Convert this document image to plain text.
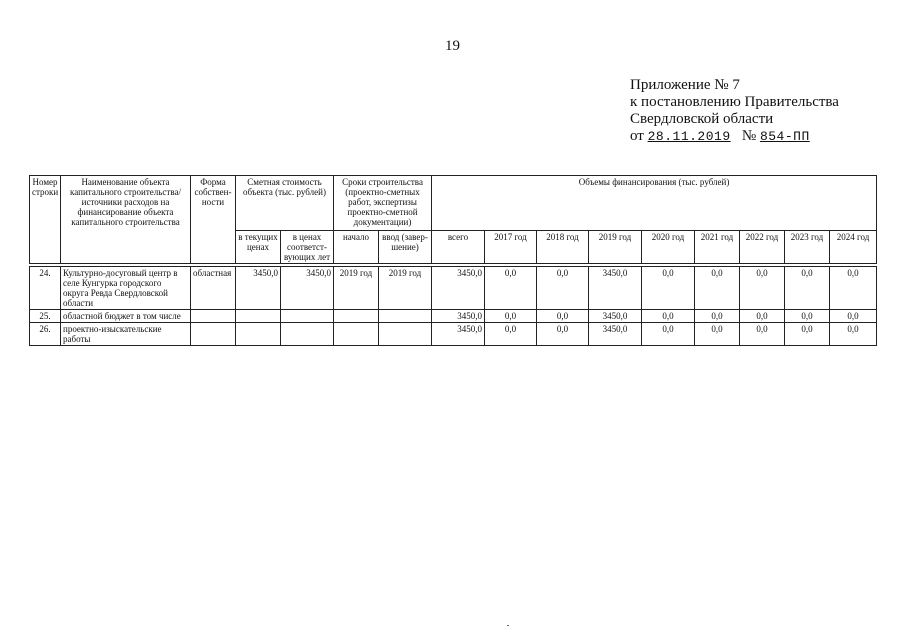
19
Приложение № 7
к постановлению Правительства
Свердловской области
от 28.11.2019 № 854-ПП
Номер строки	Наименование объекта капитального строительства/ источники расходов на финансирование объекта капитального строительства	Форма собствен-ности	Сметная стоимость объекта (тыс. рублей)		Сроки строительства (проектно-сметных работ, экспертизы проектно-сметной документации)		Объемы финансирования (тыс. рублей)								
			в текущих ценах	в ценах соответст-вующих лет	начало	ввод (завер-шение)	всего	2017 год	2018 год	2019 год	2020 год	2021 год	2022 год	2023 год	2024 год

24.	Культурно-досуговый центр в селе Кунгурка городского округа Ревда Свердловской области	областная	3450,0	3450,0	2019 год	2019 год	3450,0	0,0	0,0	3450,0	0,0	0,0	0,0	0,0	0,0
25.	областной бюджет в том числе						3450,0	0,0	0,0	3450,0	0,0	0,0	0,0	0,0	0,0
26.	проектно-изыскательские работы						3450,0	0,0	0,0	3450,0	0,0	0,0	0,0	0,0	0,0
